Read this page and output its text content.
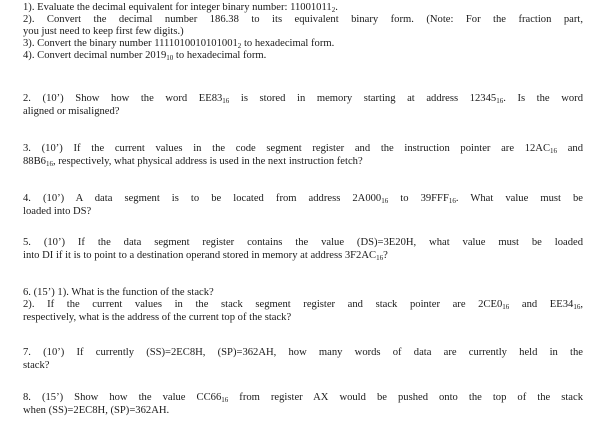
1). Evaluate the decimal equivalent for integer binary number: $11001011_2$.
2). Convert the decimal number 186.38 to its equivalent binary form. (Note: For the fraction part,
you just need to keep first few digits.)
3). Convert the binary number $1111010010101001_2$ to hexadecimal form.
4). Convert decimal number $2019_{10}$ to hexadecimal form.
2. (10’) Show how the word $EE83_{16}$ is stored in memory starting at address $12345_{16}$. Is the word
aligned or misaligned?
3. (10’) If the current values in the code segment register and the instruction pointer are $12AC_{16}$ and
$88B6_{16}$, respectively, what physical address is used in the next instruction fetch?
4. (10’) A data segment is to be located from address $2A000_{16}$ to $39FFF_{16}$. What value must be
loaded into DS?
5. (10’) If the data segment register contains the value (DS)=3E20H, what value must be loaded
into DI if it is to point to a destination operand stored in memory at address $3F2AC_{16}$?
6. (15’) 1). What is the function of the stack?
2). If the current values in the stack segment register and stack pointer are $2CE0_{16}$ and $EE34_{16}$,
respectively, what is the address of the current top of the stack?
7. (10’) If currently (SS)=2EC8H, (SP)=362AH, how many words of data are currently held in the
stack?
8. (15’) Show how the value $CC66_{16}$ from register AX would be pushed onto the top of the stack
when (SS)=2EC8H, (SP)=362AH.
